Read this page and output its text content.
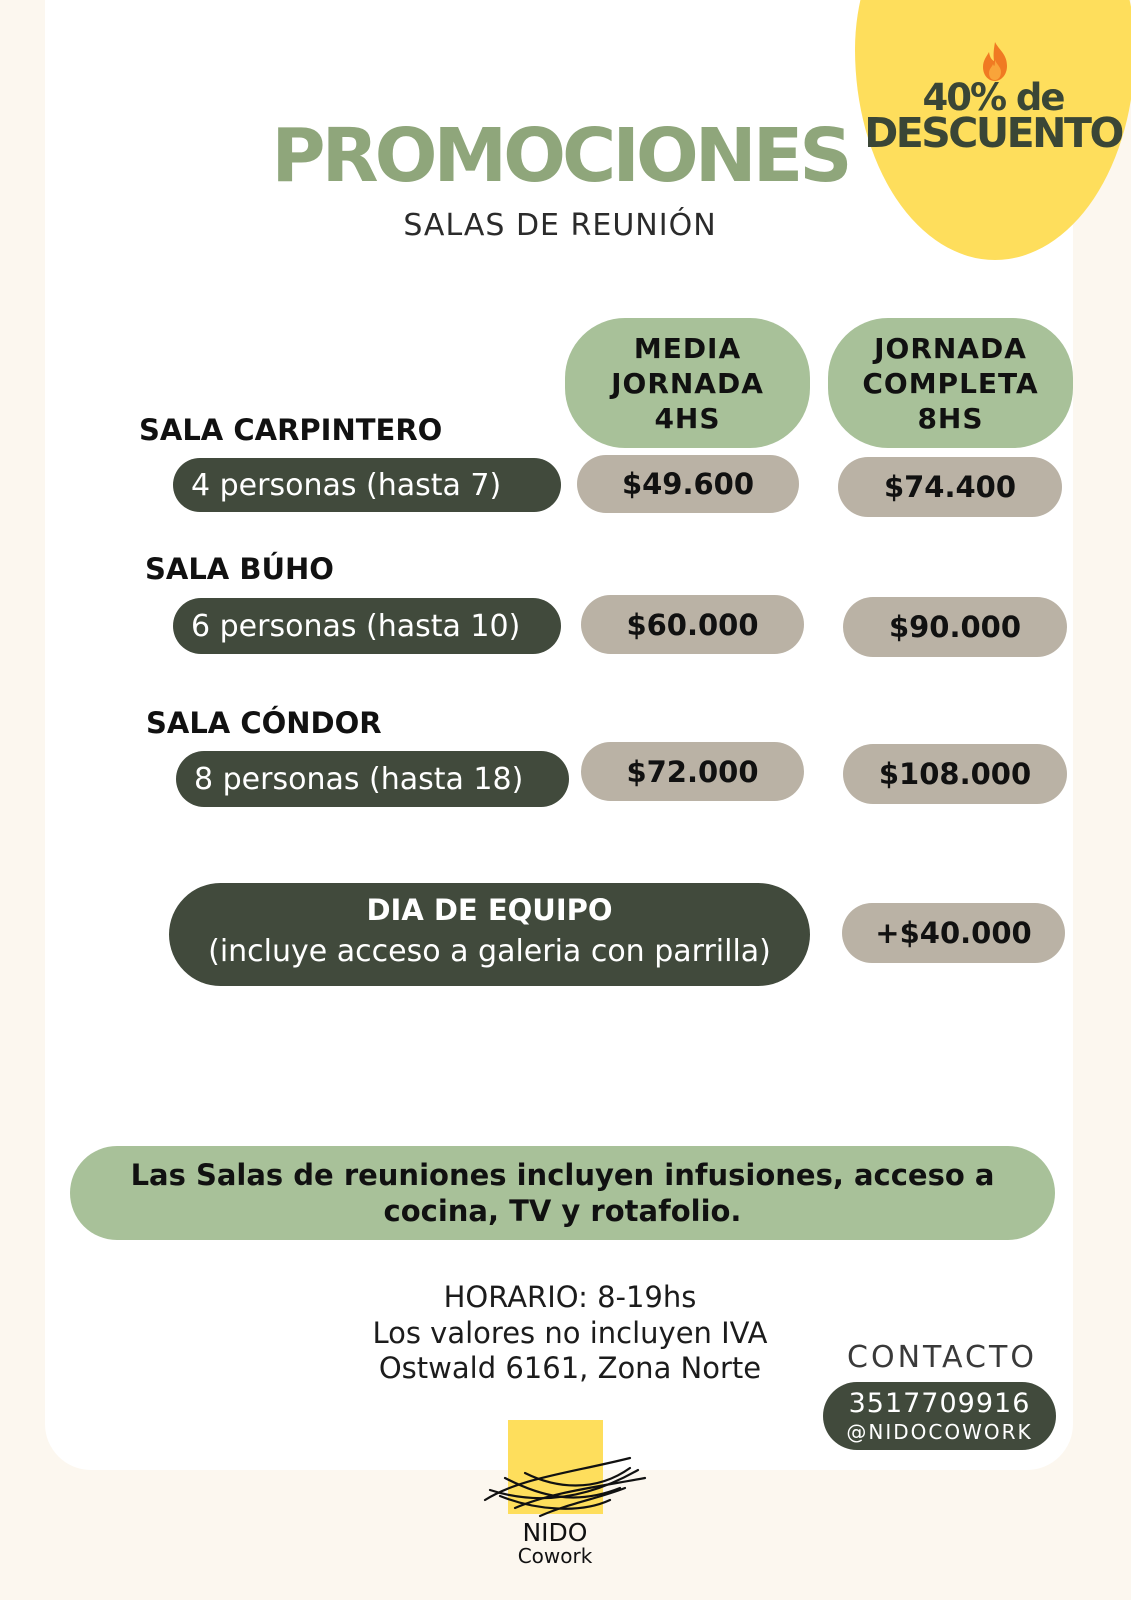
40% de
DESCUENTO
PROMOCIONES
SALAS DE REUNIÓN
MEDIA JORNADA 4HS
JORNADA COMPLETA 8HS
SALA CARPINTERO
4 personas (hasta 7)	$49.600	$74.400
SALA BÚHO
6 personas (hasta 10)	$60.000	$90.000
SALA CÓNDOR
8 personas (hasta 18)	$72.000	$108.000
DIA DE EQUIPO
(incluye acceso a galeria con parrilla)
+$40.000
Las Salas de reuniones incluyen infusiones, acceso a
cocina, TV y rotafolio.
HORARIO: 8-19hs
Los valores no incluyen IVA
Ostwald 6161, Zona Norte	CONTACTO
3517709916
@NIDOCOWORK
NIDO
Cowork
